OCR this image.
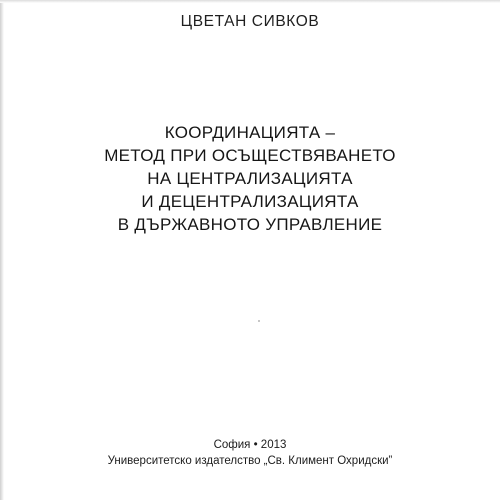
ЦВЕТАН СИВКОВ
КООРДИНАЦИЯТА –
МЕТОД ПРИ ОСЪЩЕСТВЯВАНЕТО
НА ЦЕНТРАЛИЗАЦИЯТА
И ДЕЦЕНТРАЛИЗАЦИЯТА
В ДЪРЖАВНОТО УПРАВЛЕНИЕ
София • 2013
Университетско издателство „Св. Климент Охридски”
